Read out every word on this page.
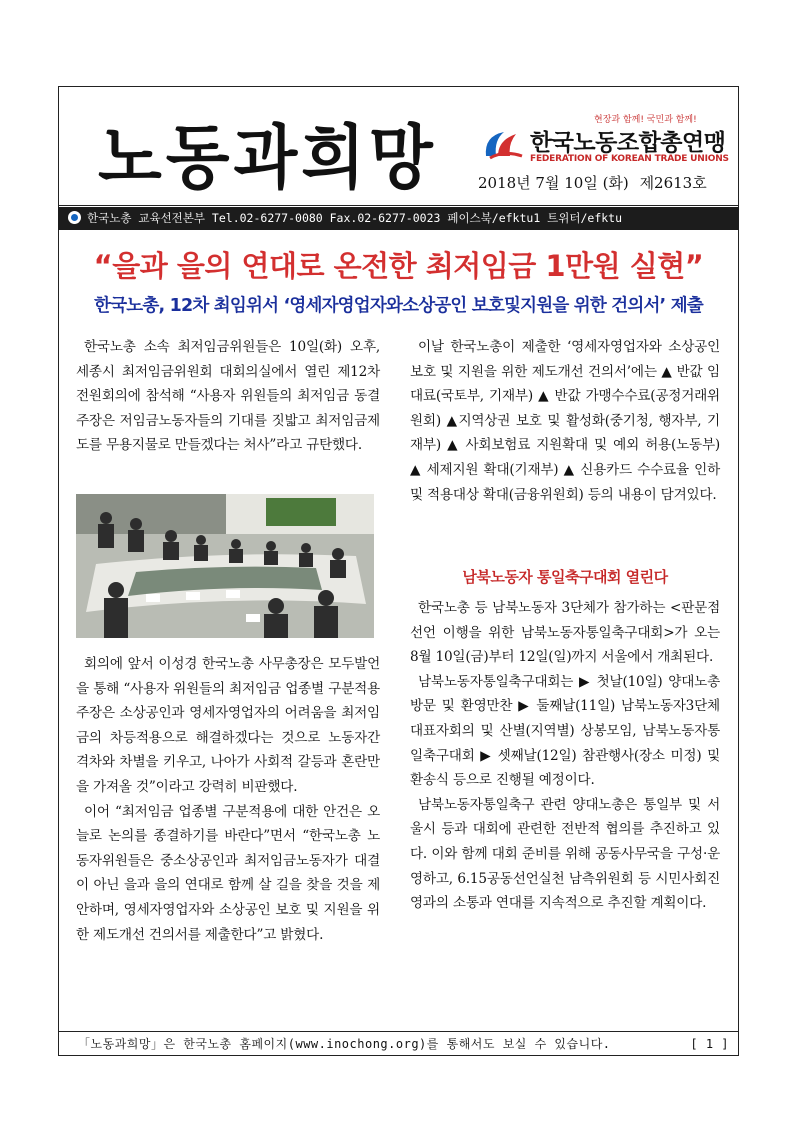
노동과희망	현장과 함께! 국민과 함께!
한국노동조합총연맹
FEDERATION OF KOREAN TRADE UNIONS
2018년 7월 10일 (화) 제2613호
한국노총 교육선전본부 Tel.02-6277-0080 Fax.02-6277-0023 페이스북/efktu1 트위터/efktu
“을과 을의 연대로 온전한 최저임금 1만원 실현”
한국노총, 12차 최임위서 ‘영세자영업자와소상공인 보호및지원을 위한 건의서’ 제출

한국노총 소속 최저임금위원들은 10일(화) 오후, 세종시 최저임금위원회 대회의실에서 열린 제12차 전원회의에 참석해 “사용자 위원들의 최저임금 동결 주장은 저임금노동자들의 기대를 짓밟고 최저임금제도를 무용지물로 만들겠다는 처사”라고 규탄했다.

회의에 앞서 이성경 한국노총 사무총장은 모두발언을 통해 “사용자 위원들의 최저임금 업종별 구분적용 주장은 소상공인과 영세자영업자의 어려움을 최저임금의 차등적용으로 해결하겠다는 것으로 노동자간 격차와 차별을 키우고, 나아가 사회적 갈등과 혼란만을 가져올 것”이라고 강력히 비판했다.

이어 “최저임금 업종별 구분적용에 대한 안건은 오늘로 논의를 종결하기를 바란다”면서 “한국노총 노동자위원들은 중소상공인과 최저임금노동자가 대결이 아닌 을과 을의 연대로 함께 살 길을 찾을 것을 제안하며, 영세자영업자와 소상공인 보호 및 지원을 위한 제도개선 건의서를 제출한다”고 밝혔다.

이날 한국노총이 제출한 ‘영세자영업자와 소상공인 보호 및 지원을 위한 제도개선 건의서’에는 ▲ 반값 임대료(국토부, 기재부) ▲ 반값 가맹수수료(공정거래위원회) ▲지역상권 보호 및 활성화(중기청, 행자부, 기재부) ▲ 사회보험료 지원확대 및 예외 허용(노동부) ▲ 세제지원 확대(기재부) ▲ 신용카드 수수료율 인하 및 적용대상 확대(금융위원회) 등의 내용이 담겨있다.

남북노동자 통일축구대회 열린다

한국노총 등 남북노동자 3단체가 참가하는 <판문점선언 이행을 위한 남북노동자통일축구대회>가 오는 8월 10일(금)부터 12일(일)까지 서울에서 개최된다.

남북노동자통일축구대회는 ▶ 첫날(10일) 양대노총 방문 및 환영만찬 ▶ 둘째날(11일) 남북노동자3단체 대표자회의 및 산별(지역별) 상봉모임, 남북노동자통일축구대회 ▶ 셋째날(12일) 참관행사(장소 미정) 및 환송식 등으로 진행될 예정이다.

남북노동자통일축구 관련 양대노총은 통일부 및 서울시 등과 대회에 관련한 전반적 협의를 추진하고 있다. 이와 함께 대회 준비를 위해 공동사무국을 구성·운영하고, 6.15공동선언실천 남측위원회 등 시민사회진영과의 소통과 연대를 지속적으로 추진할 계획이다.

「노동과희망」은 한국노총 홈페이지(www.inochong.org)를 통해서도 보실 수 있습니다.	[ 1 ]
